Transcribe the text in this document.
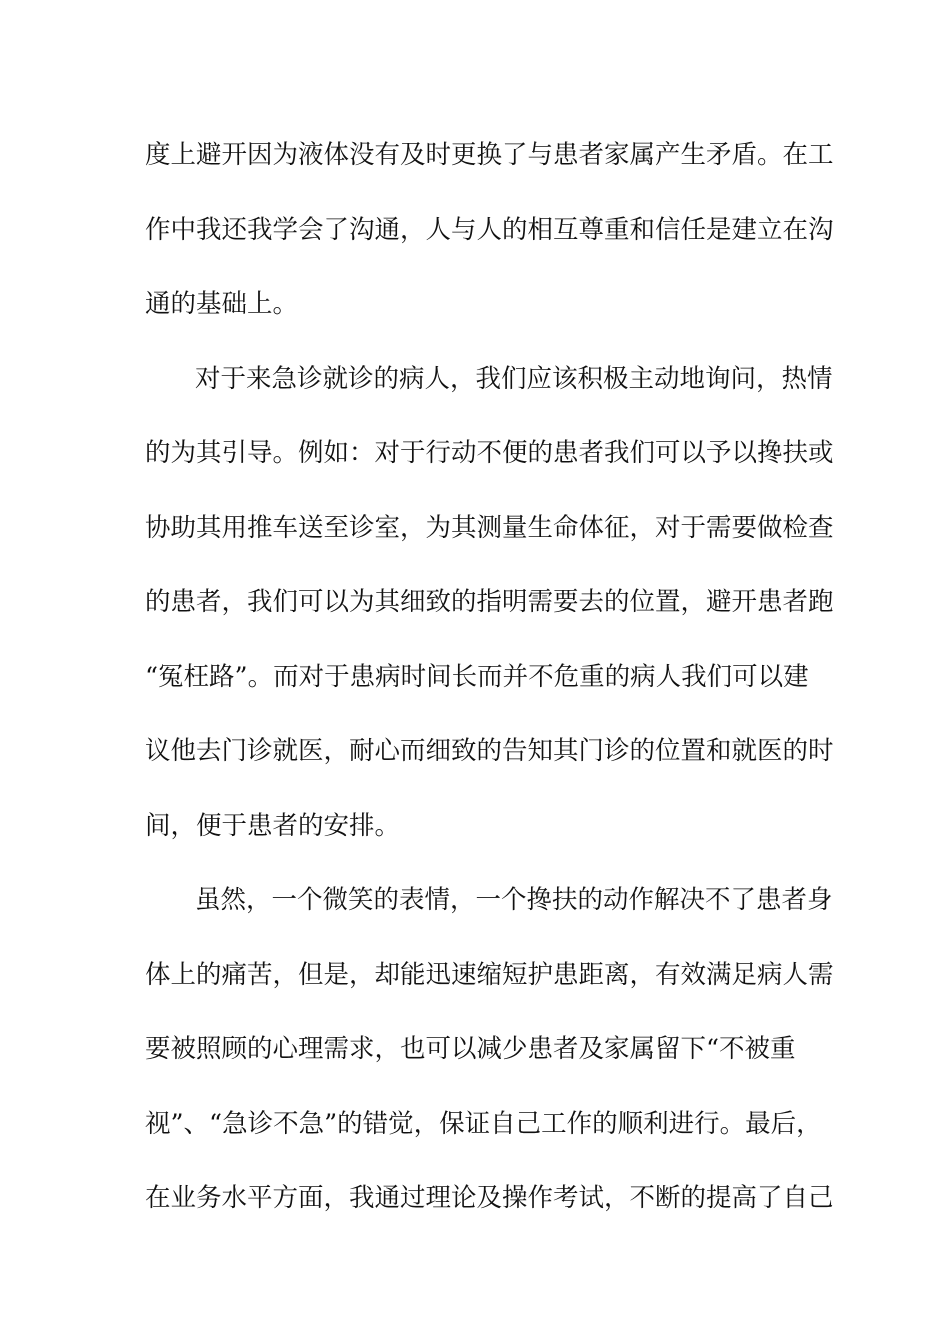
度上避开因为液体没有及时更换了与患者家属产生矛盾。在工
作中我还我学会了沟通，人与人的相互尊重和信任是建立在沟
通的基础上。
对于来急诊就诊的病人，我们应该积极主动地询问，热情
的为其引导。例如：对于行动不便的患者我们可以予以搀扶或
协助其用推车送至诊室，为其测量生命体征，对于需要做检查
的患者，我们可以为其细致的指明需要去的位置，避开患者跑
“冤枉路”。而对于患病时间长而并不危重的病人我们可以建
议他去门诊就医，耐心而细致的告知其门诊的位置和就医的时
间，便于患者的安排。
虽然，一个微笑的表情，一个搀扶的动作解决不了患者身
体上的痛苦，但是，却能迅速缩短护患距离，有效满足病人需
要被照顾的心理需求，也可以减少患者及家属留下“不被重
视”、“急诊不急”的错觉，保证自己工作的顺利进行。最后，
在业务水平方面，我通过理论及操作考试，不断的提高了自己
